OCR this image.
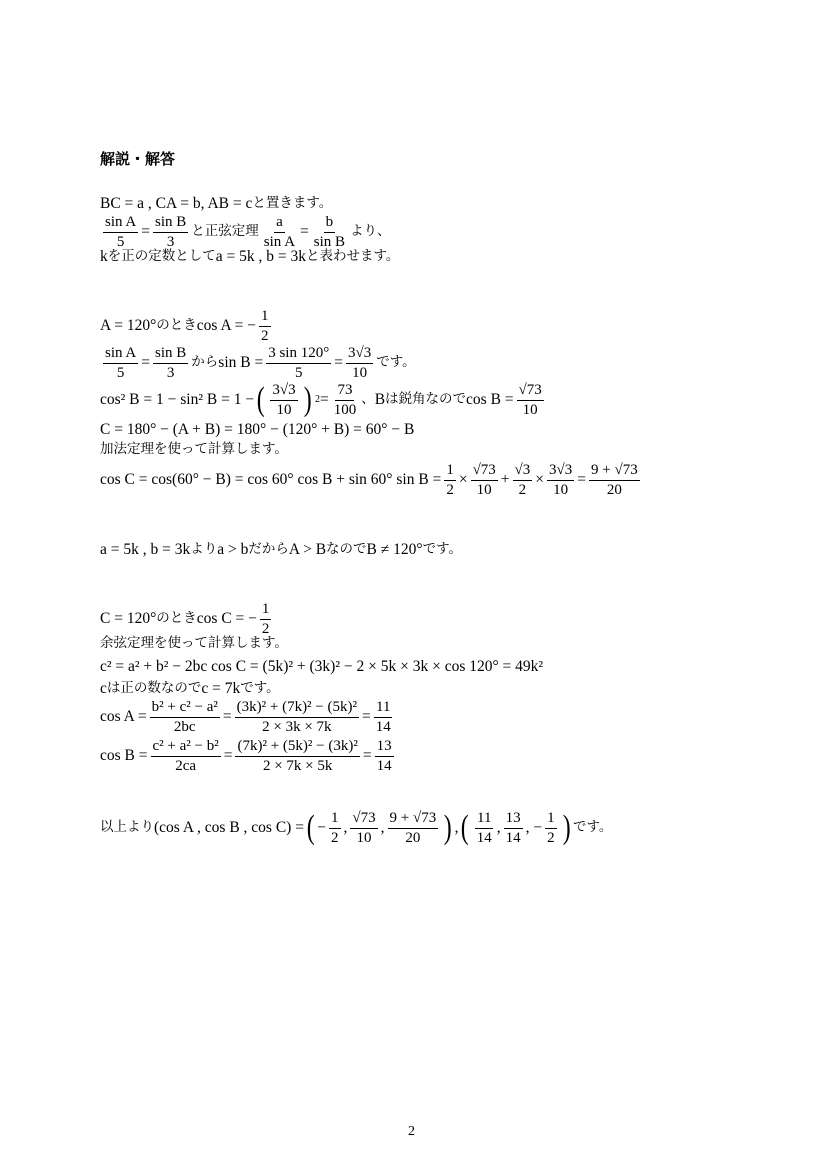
解説・解答
BC = a , CA = b, AB = c と置きます。
$\frac{\text{sin A}}{5} = \frac{\text{sin B}}{3}$ と正弦定理 $\frac{a}{\text{sin A}} = \frac{b}{\text{sin B}}$ より、
k を正の定数として a = 5k , b = 3k と表わせます。
A = 120° のとき cos A = − $\frac{1}{2}$
$\frac{\text{sin A}}{5} = \frac{\text{sin B}}{3}$ から $\sin B = \frac{3 \sin 120^\circ}{5} = \frac{3√3}{10}$ です。
cos² B = 1 − sin² B = 1 − ( $\frac{3√3}{10}$ ) $2 = \frac{73}{100}$ 、 B は鋭角なので $\cos B = \frac{√73}{10}$
C = 180° − (A + B) = 180° − (120° + B) = 60° − B
加法定理を使って計算します。
cos C = cos(60° − B) = cos 60° cos B + sin 60° $\sin B = \frac{1}{2} \times \frac{√73}{10} + \frac{√3}{2} \times \frac{3√3}{10} = \frac{9 + √73}{20}$
a = 5k , b = 3k より a > b だから A > B なので B ≠ 120° です。
C = 120° のとき cos C = − $\frac{1}{2}$
余弦定理を使って計算します。
c² = a² + b² − 2bc cos C = (5k)² + (3k)² − 2 × 5k × 3k × cos 120° = 49k²
c は正の数なので c = 7k です。
$\cos A = \frac{\text{b² + c² − a²}}{2bc} = \frac{\text{(3k)² + (7k)² − (5k)²}}{2 \times 3k \times 7k} = \frac{11}{14}$
$\cos B = \frac{\text{c² + a² − b²}}{2ca} = \frac{\text{(7k)² + (5k)² − (3k)²}}{2 \times 7k \times 5k} = \frac{13}{14}$
以上より (cos A , cos B , cos C) = ( − $\frac{1}{2}$ , $\frac{√73}{10}$ , $\frac{9 + √73}{20}$ ) , ( $\frac{11}{14}$ , $\frac{13}{14}$ , − $\frac{1}{2}$ ) です。
2
